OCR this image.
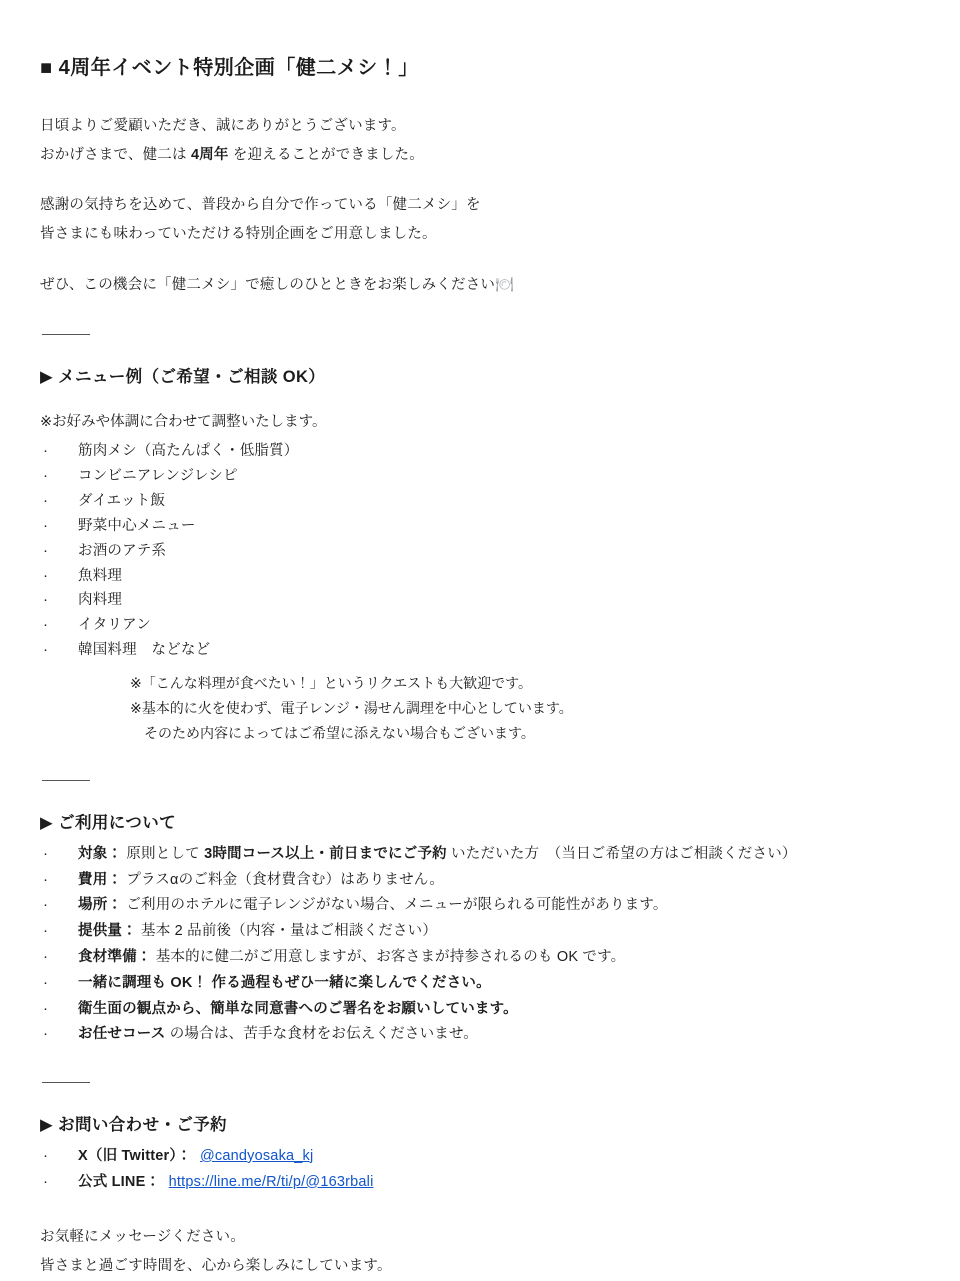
■ 4周年イベント特別企画「健二メシ！」

日頃よりご愛顧いただき、誠にありがとうございます。

おかげさまで、健二は 4周年 を迎えることができました。

感謝の気持ちを込めて、普段から自分で作っている「健二メシ」を

皆さまにも味わっていただける特別企画をご用意しました。

ぜひ、この機会に「健二メシ」で癒しのひとときをお楽しみください🍽

▶ メニュー例（ご希望・ご相談 OK）

※お好みや体調に合わせて調整いたします。

· 筋肉メシ（高たんぱく・低脂質）
· コンビニアレンジレシピ
· ダイエット飯
· 野菜中心メニュー
· お酒のアテ系
· 魚料理
· 肉料理
· イタリアン
· 韓国料理　などなど
※「こんな料理が食べたい！」というリクエストも大歓迎です。
※基本的に火を使わず、電子レンジ・湯せん調理を中心としています。
そのため内容によってはご希望に添えない場合もございます。
▶ ご利用について
· 対象： 原則として 3時間コース以上・前日までにご予約 いただいた方　（当日ご希望の方はご相談ください）
· 費用： プラスαのご料金（食材費含む）はありません。
· 場所： ご利用のホテルに電子レンジがない場合、メニューが限られる可能性があります。
· 提供量： 基本 2 品前後（内容・量はご相談ください）
· 食材準備： 基本的に健二がご用意しますが、お客さまが持参されるのも OK です。
· 一緒に調理も OK！ 作る過程もぜひ一緒に楽しんでください。
· 衛生面の観点から、簡単な同意書へのご署名をお願いしています。
· お任せコース の場合は、苦手な食材をお伝えくださいませ。
▶ お問い合わせ・ご予約
· X（旧 Twitter）： @candyosaka_kj
· 公式 LINE： https://line.me/R/ti/p/@163rbali

お気軽にメッセージください。

皆さまと過ごす時間を、心から楽しみにしています。
